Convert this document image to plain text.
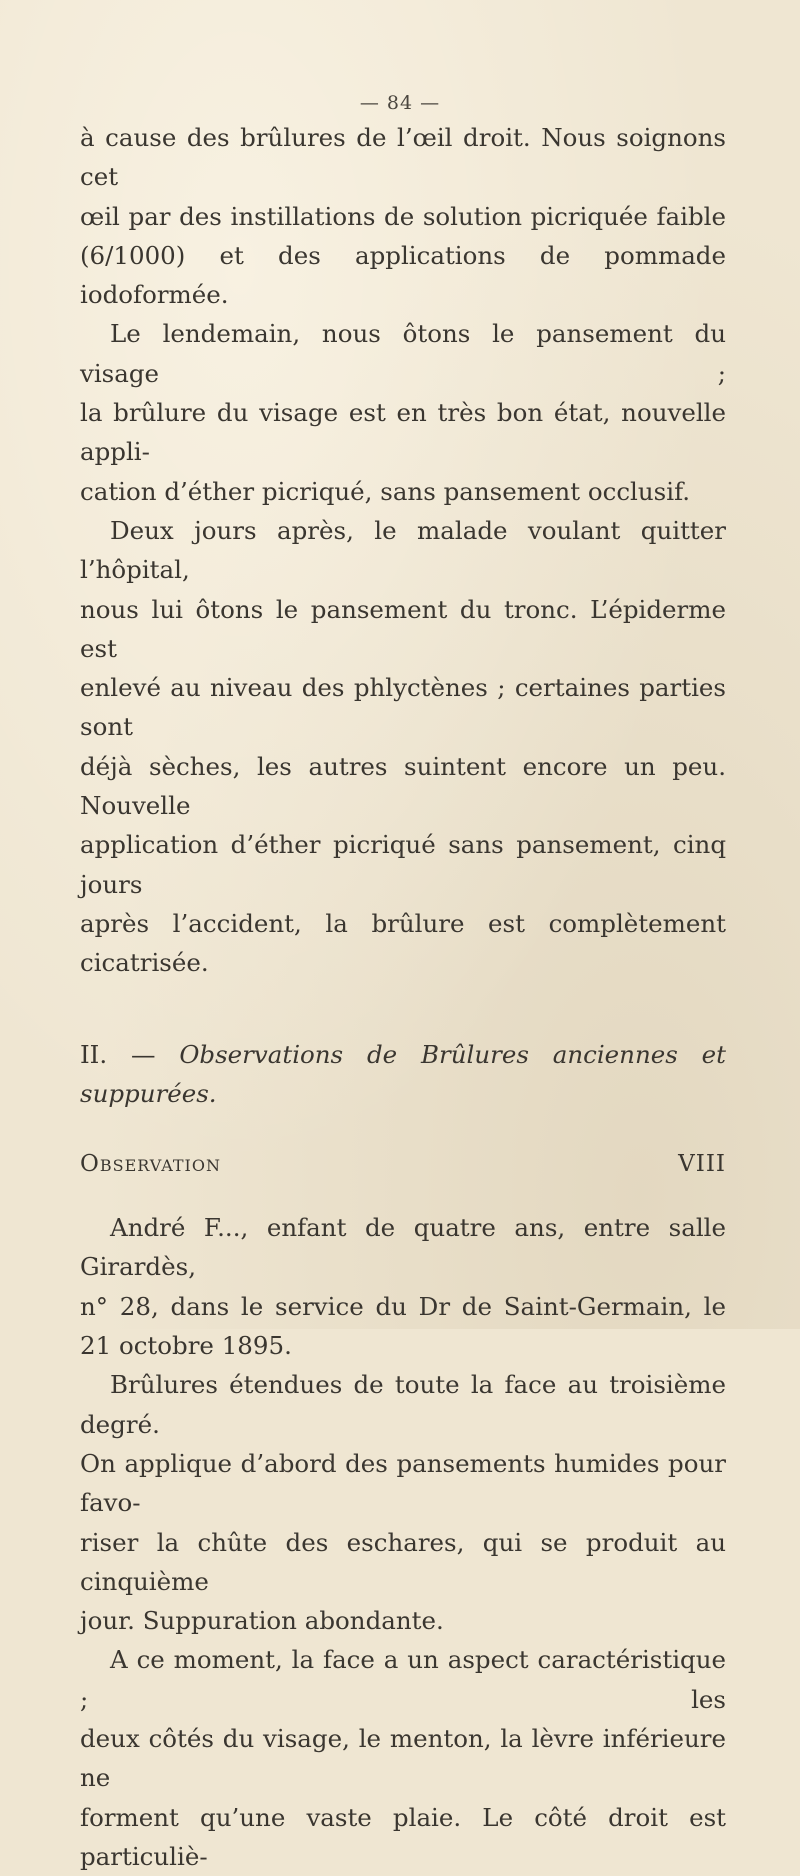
— 84 —

à cause des brûlures de l’œil droit. Nous soignons cet

œil par des instillations de solution picriquée faible

(6/1000) et des applications de pommade iodoformée.

Le lendemain, nous ôtons le pansement du visage ;

la brûlure du visage est en très bon état, nouvelle appli-

cation d’éther picriqué, sans pansement occlusif.

Deux jours après, le malade voulant quitter l’hôpital,

nous lui ôtons le pansement du tronc. L’épiderme est

enlevé au niveau des phlyctènes ; certaines parties sont

déjà sèches, les autres suintent encore un peu. Nouvelle

application d’éther picriqué sans pansement, cinq jours

après l’accident, la brûlure est complètement cicatrisée.

II. — Observations de Brûlures anciennes et suppurées.

Observation VIII

André F..., enfant de quatre ans, entre salle Girardès,

n° 28, dans le service du Dr de Saint-Germain, le

21 octobre 1895.

Brûlures étendues de toute la face au troisième degré.

On applique d’abord des pansements humides pour favo-

riser la chûte des eschares, qui se produit au cinquième

jour. Suppuration abondante.

A ce moment, la face a un aspect caractéristique ; les

deux côtés du visage, le menton, la lèvre inférieure ne

forment qu’une vaste plaie. Le côté droit est particuliè-
